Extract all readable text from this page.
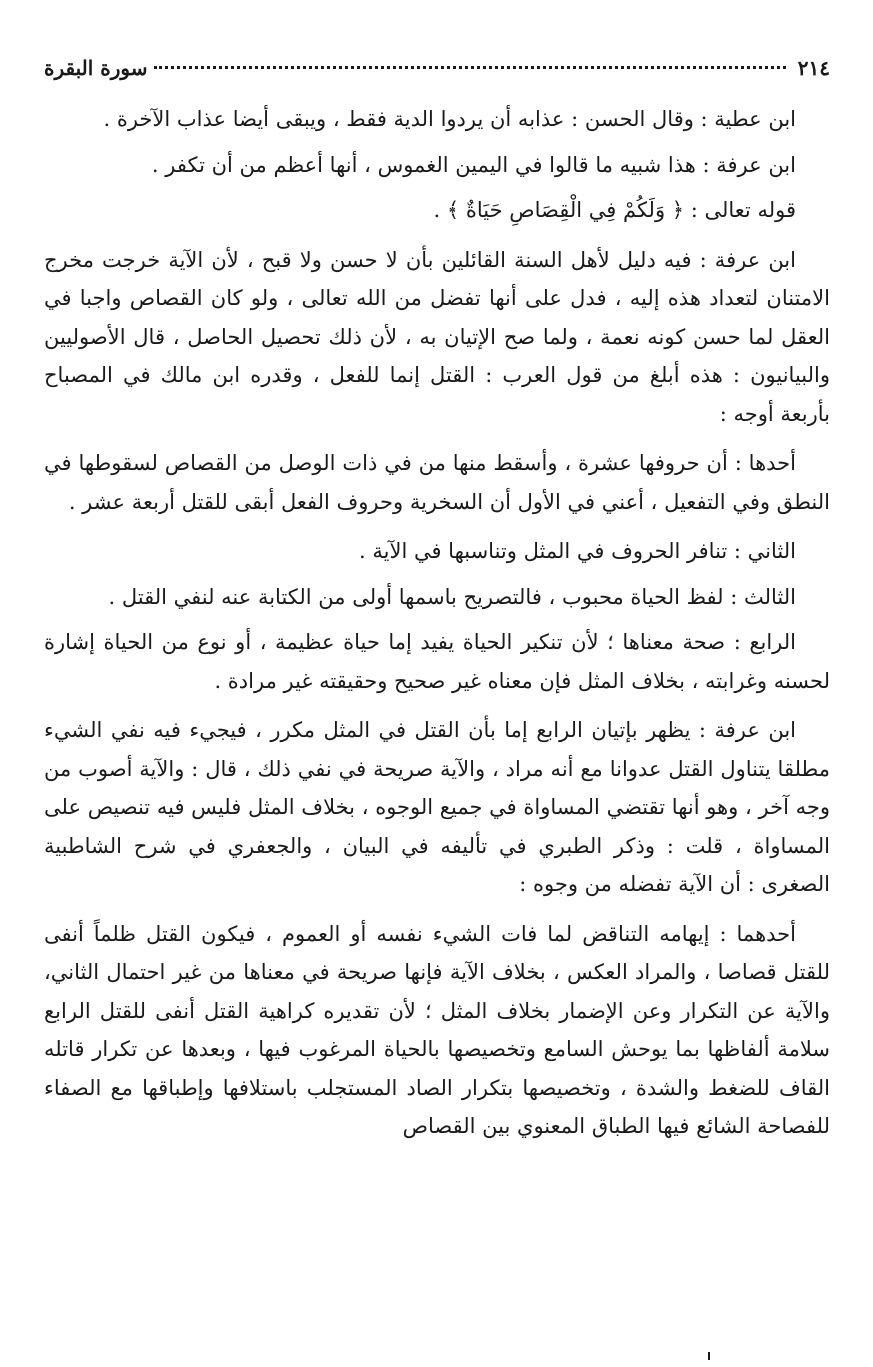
٢١٤
سورة البقرة

ابن عطية : وقال الحسن : عذابه أن يردوا الدية فقط ، ويبقى أيضا عذاب الآخرة .

ابن عرفة : هذا شبيه ما قالوا في اليمين الغموس ، أنها أعظم من أن تكفر .

قوله تعالى : ﴿ وَلَكُمْ فِي الْقِصَاصِ حَيَاةٌ ﴾ .

ابن عرفة : فيه دليل لأهل السنة القائلين بأن لا حسن ولا قبح ، لأن الآية خرجت مخرج الامتنان لتعداد هذه إليه ، فدل على أنها تفضل من الله تعالى ، ولو كان القصاص واجبا في العقل لما حسن كونه نعمة ، ولما صح الإتيان به ، لأن ذلك تحصيل الحاصل ، قال الأصوليين والبيانيون : هذه أبلغ من قول العرب : القتل إنما للفعل ، وقدره ابن مالك في المصباح بأربعة أوجه :

أحدها : أن حروفها عشرة ، وأسقط منها من في ذات الوصل من القصاص لسقوطها في النطق وفي التفعيل ، أعني في الأول أن السخرية وحروف الفعل أبقى للقتل أربعة عشر .

الثاني : تنافر الحروف في المثل وتناسبها في الآية .

الثالث : لفظ الحياة محبوب ، فالتصريح باسمها أولى من الكتابة عنه لنفي القتل .

الرابع : صحة معناها ؛ لأن تنكير الحياة يفيد إما حياة عظيمة ، أو نوع من الحياة إشارة لحسنه وغرابته ، بخلاف المثل فإن معناه غير صحيح وحقيقته غير مرادة .

ابن عرفة : يظهر بإتيان الرابع إما بأن القتل في المثل مكرر ، فيجيء فيه نفي الشيء مطلقا يتناول القتل عدوانا مع أنه مراد ، والآية صريحة في نفي ذلك ، قال : والآية أصوب من وجه آخر ، وهو أنها تقتضي المساواة في جميع الوجوه ، بخلاف المثل فليس فيه تنصيص على المساواة ، قلت : وذكر الطبري في تأليفه في البيان ، والجعفري في شرح الشاطبية الصغرى : أن الآية تفضله من وجوه :

أحدهما : إيهامه التناقض لما فات الشيء نفسه أو العموم ، فيكون القتل ظلماً أنفى للقتل قصاصا ، والمراد العكس ، بخلاف الآية فإنها صريحة في معناها من غير احتمال الثاني، والآية عن التكرار وعن الإضمار بخلاف المثل ؛ لأن تقديره كراهية القتل أنفى للقتل الرابع سلامة ألفاظها بما يوحش السامع وتخصيصها بالحياة المرغوب فيها ، وبعدها عن تكرار قاتله القاف للضغط والشدة ، وتخصيصها بتكرار الصاد المستجلب باستلافها وإطباقها مع الصفاء للفصاحة الشائع فيها الطباق المعنوي بين القصاص
